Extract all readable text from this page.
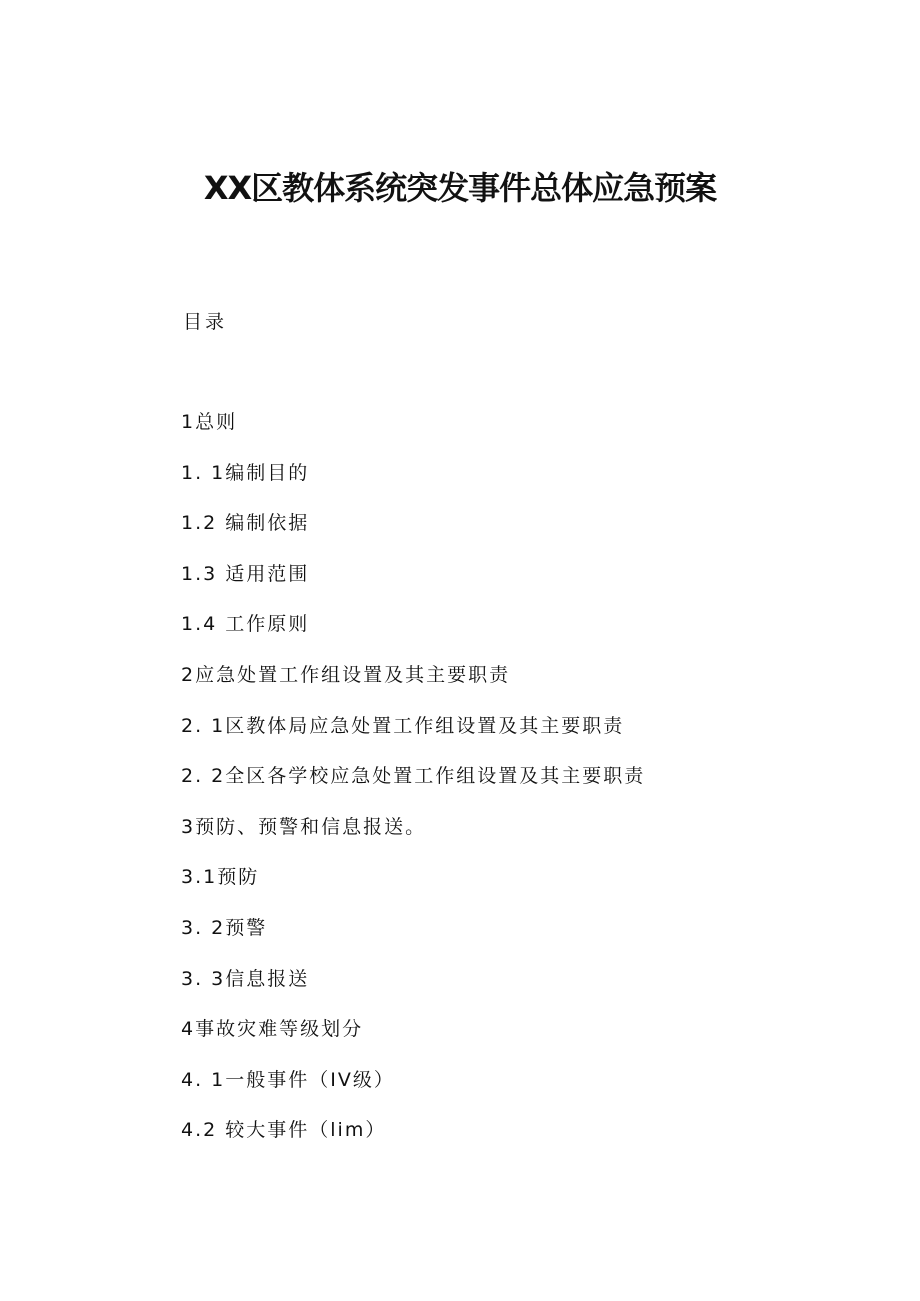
XX区教体系统突发事件总体应急预案

目录

1总则
1. 1编制目的
1.2 编制依据
1.3 适用范围
1.4 工作原则
2应急处置工作组设置及其主要职责
2. 1区教体局应急处置工作组设置及其主要职责
2. 2全区各学校应急处置工作组设置及其主要职责
3预防、预警和信息报送。
3.1预防
3. 2预警
3. 3信息报送
4事故灾难等级划分
4. 1一般事件（IV级）
4.2 较大事件（lim）
